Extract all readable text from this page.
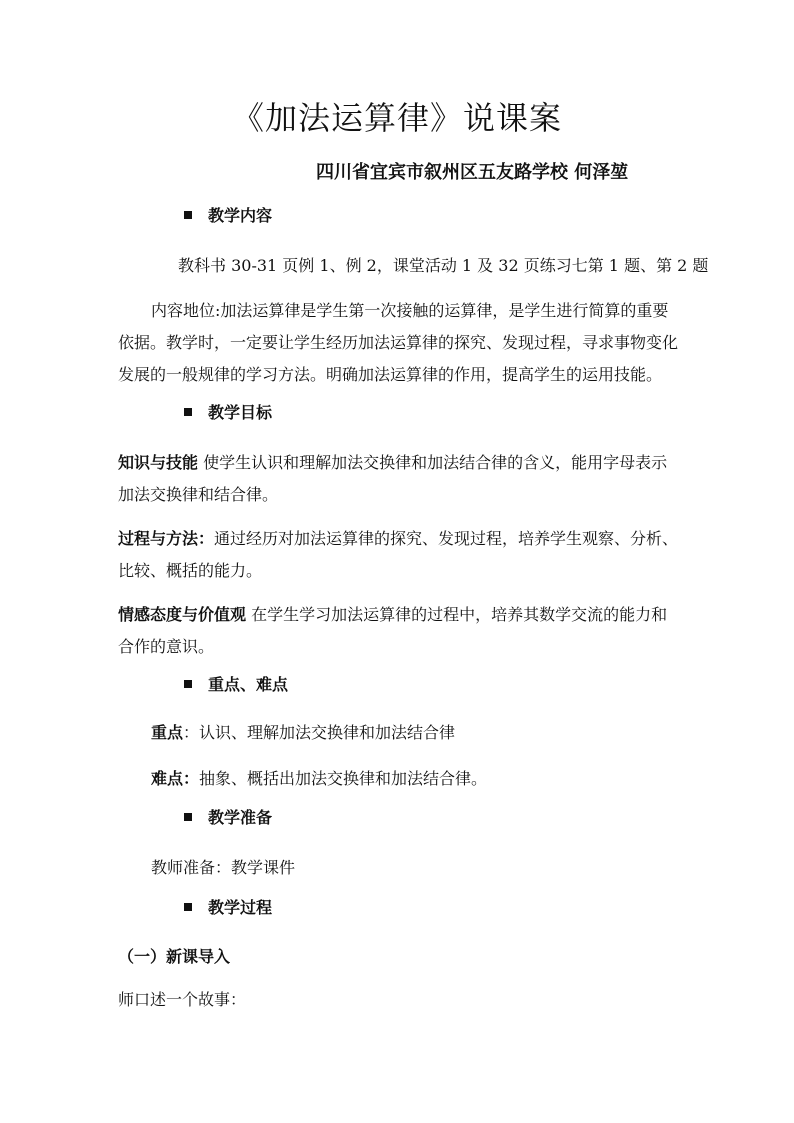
《加法运算律》说课案
四川省宜宾市叙州区五友路学校 何泽堃
教学内容
教科书 30-31 页例 1、例 2，课堂活动 1 及 32 页练习七第 1 题、第 2 题
内容地位:加法运算律是学生第一次接触的运算律，是学生进行简算的重要
依据。教学时，一定要让学生经历加法运算律的探究、发现过程，寻求事物变化
发展的一般规律的学习方法。明确加法运算律的作用，提高学生的运用技能。
教学目标
知识与技能 使学生认识和理解加法交换律和加法结合律的含义，能用字母表示
加法交换律和结合律。
过程与方法：通过经历对加法运算律的探究、发现过程，培养学生观察、分析、
比较、概括的能力。
情感态度与价值观 在学生学习加法运算律的过程中，培养其数学交流的能力和
合作的意识。
重点、难点
重点：认识、理解加法交换律和加法结合律
难点：抽象、概括出加法交换律和加法结合律。
教学准备
教师准备：教学课件
教学过程
（一）新课导入
师口述一个故事：
